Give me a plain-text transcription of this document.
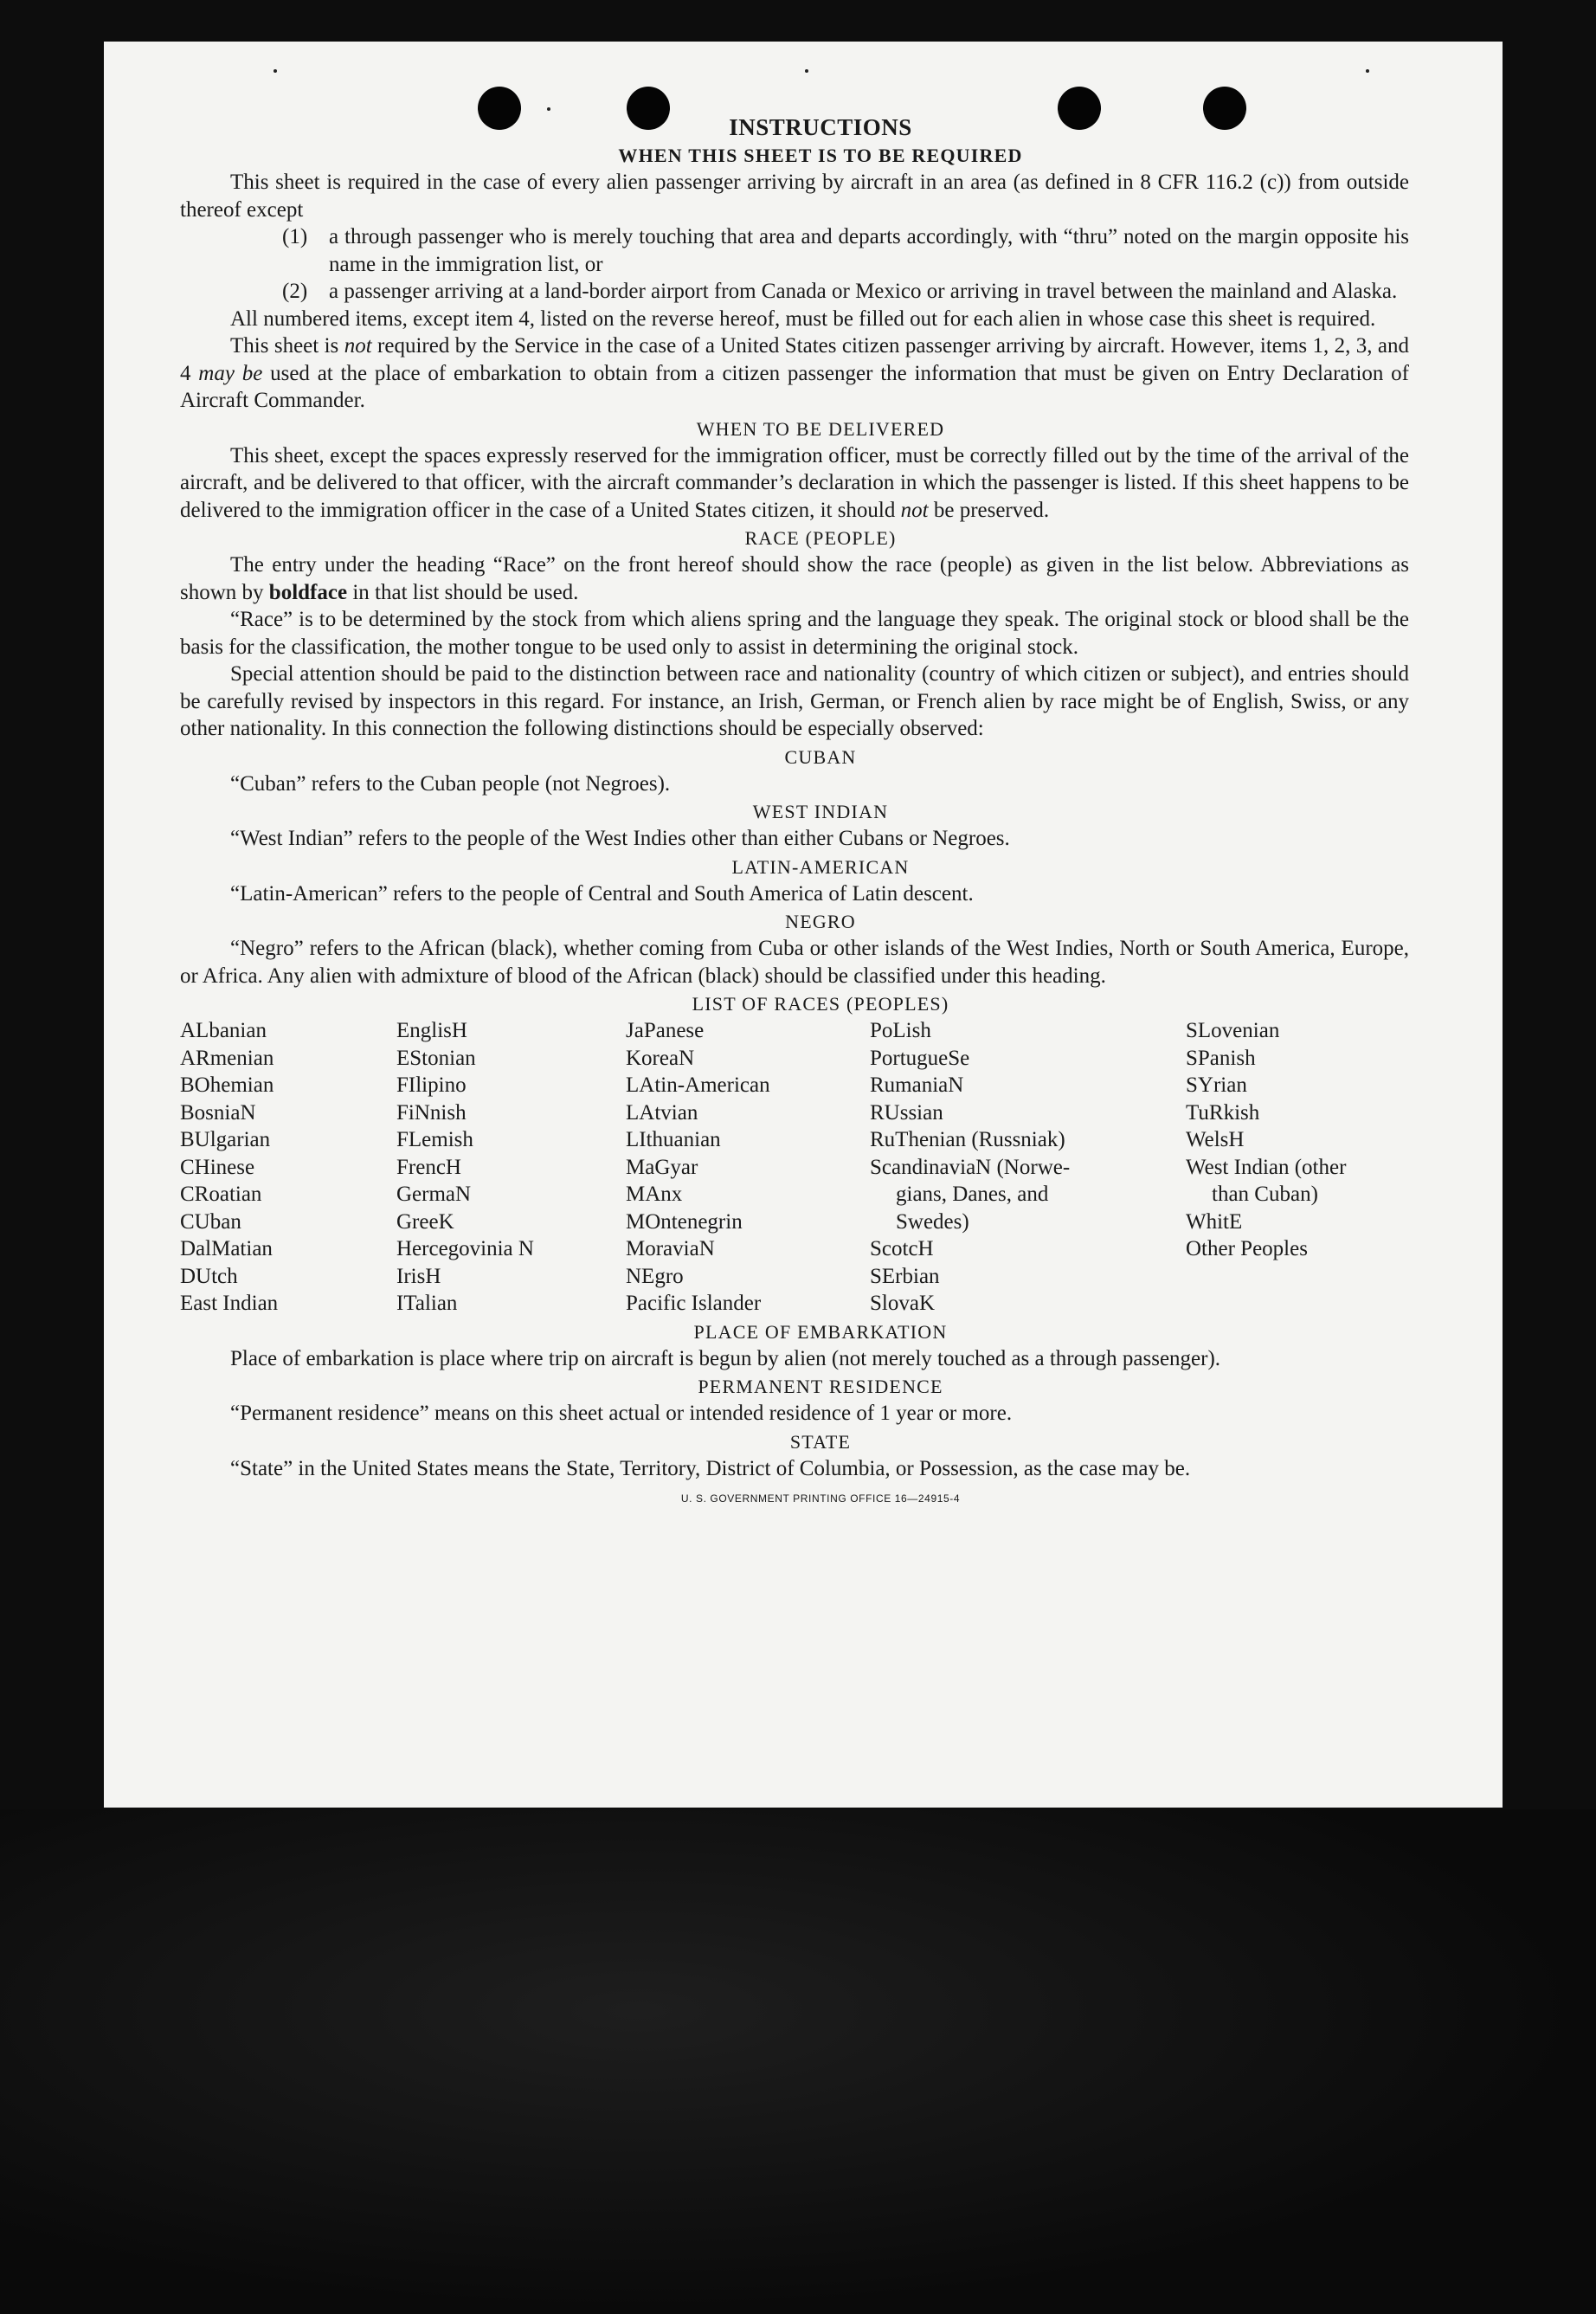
INSTRUCTIONS
WHEN THIS SHEET IS TO BE REQUIRED

This sheet is required in the case of every alien passenger arriving by aircraft in an area (as defined in 8 CFR 116.2 (c)) from outside thereof except

(1) a through passenger who is merely touching that area and departs accordingly, with “thru” noted on the margin opposite his name in the immigration list, or
(2) a passenger arriving at a land-border airport from Canada or Mexico or arriving in travel between the mainland and Alaska.

All numbered items, except item 4, listed on the reverse hereof, must be filled out for each alien in whose case this sheet is required.

This sheet is not required by the Service in the case of a United States citizen passenger arriving by aircraft. However, items 1, 2, 3, and 4 may be used at the place of embarkation to obtain from a citizen passenger the information that must be given on Entry Declaration of Aircraft Commander.

WHEN TO BE DELIVERED

This sheet, except the spaces expressly reserved for the immigration officer, must be correctly filled out by the time of the arrival of the aircraft, and be delivered to that officer, with the aircraft commander’s declaration in which the passenger is listed. If this sheet happens to be delivered to the immigration officer in the case of a United States citizen, it should not be preserved.

RACE (PEOPLE)

The entry under the heading “Race” on the front hereof should show the race (people) as given in the list below. Abbreviations as shown by boldface in that list should be used.

“Race” is to be determined by the stock from which aliens spring and the language they speak. The original stock or blood shall be the basis for the classification, the mother tongue to be used only to assist in determining the original stock.

Special attention should be paid to the distinction between race and nationality (country of which citizen or subject), and entries should be carefully revised by inspectors in this regard. For instance, an Irish, German, or French alien by race might be of English, Swiss, or any other nationality. In this connection the following distinctions should be especially observed:

CUBAN

“Cuban” refers to the Cuban people (not Negroes).

WEST INDIAN

“West Indian” refers to the people of the West Indies other than either Cubans or Negroes.

LATIN-AMERICAN

“Latin-American” refers to the people of Central and South America of Latin descent.

NEGRO

“Negro” refers to the African (black), whether coming from Cuba or other islands of the West Indies, North or South America, Europe, or Africa. Any alien with admixture of blood of the African (black) should be classified under this heading.

LIST OF RACES (PEOPLES)
ALbanian
ARmenian
BOhemian
BosniaN
BUlgarian
CHinese
CRoatian
CUban
DalMatian
DUtch
East Indian
EnglisH
EStonian
FIlipino
FiNnish
FLemish
FrencH
GermaN
GreeK
Hercegovinia N
IrisH
ITalian
JaPanese
KoreaN
LAtin-American
LAtvian
LIthuanian
MaGyar
MAnx
MOntenegrin
MoraviaN
NEgro
Pacific Islander
PoLish
PortugueSe
RumaniaN
RUssian
RuThenian (Russniak)
ScandinaviaN (Norwe-
gians, Danes, and
Swedes)
ScotcH
SErbian
SlovaK
SLovenian
SPanish
SYrian
TuRkish
WelsH
West Indian (other
than Cuban)
WhitE
Other Peoples
PLACE OF EMBARKATION

Place of embarkation is place where trip on aircraft is begun by alien (not merely touched as a through passenger).

PERMANENT RESIDENCE

“Permanent residence” means on this sheet actual or intended residence of 1 year or more.

STATE

“State” in the United States means the State, Territory, District of Columbia, or Possession, as the case may be.

U. S. GOVERNMENT PRINTING OFFICE 16—24915-4
